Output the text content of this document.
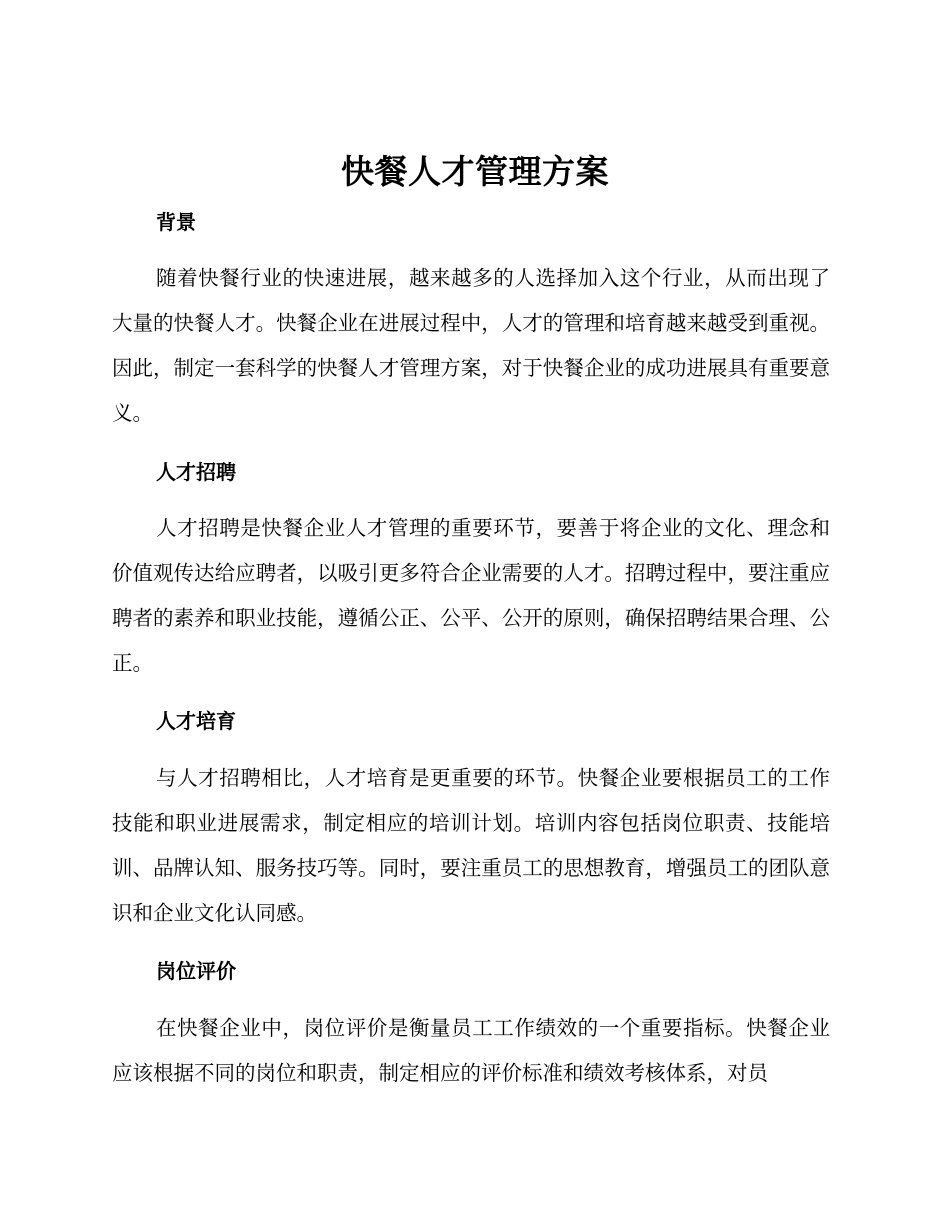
快餐人才管理方案
背景

随着快餐行业的快速进展，越来越多的人选择加入这个行业，从而出现了大量的快餐人才。快餐企业在进展过程中，人才的管理和培育越来越受到重视。因此，制定一套科学的快餐人才管理方案，对于快餐企业的成功进展具有重要意义。

人才招聘

人才招聘是快餐企业人才管理的重要环节，要善于将企业的文化、理念和价值观传达给应聘者，以吸引更多符合企业需要的人才。招聘过程中，要注重应聘者的素养和职业技能，遵循公正、公平、公开的原则，确保招聘结果合理、公正。

人才培育

与人才招聘相比，人才培育是更重要的环节。快餐企业要根据员工的工作技能和职业进展需求，制定相应的培训计划。培训内容包括岗位职责、技能培训、品牌认知、服务技巧等。同时，要注重员工的思想教育，增强员工的团队意识和企业文化认同感。

岗位评价

在快餐企业中，岗位评价是衡量员工工作绩效的一个重要指标。快餐企业应该根据不同的岗位和职责，制定相应的评价标准和绩效考核体系，对员
